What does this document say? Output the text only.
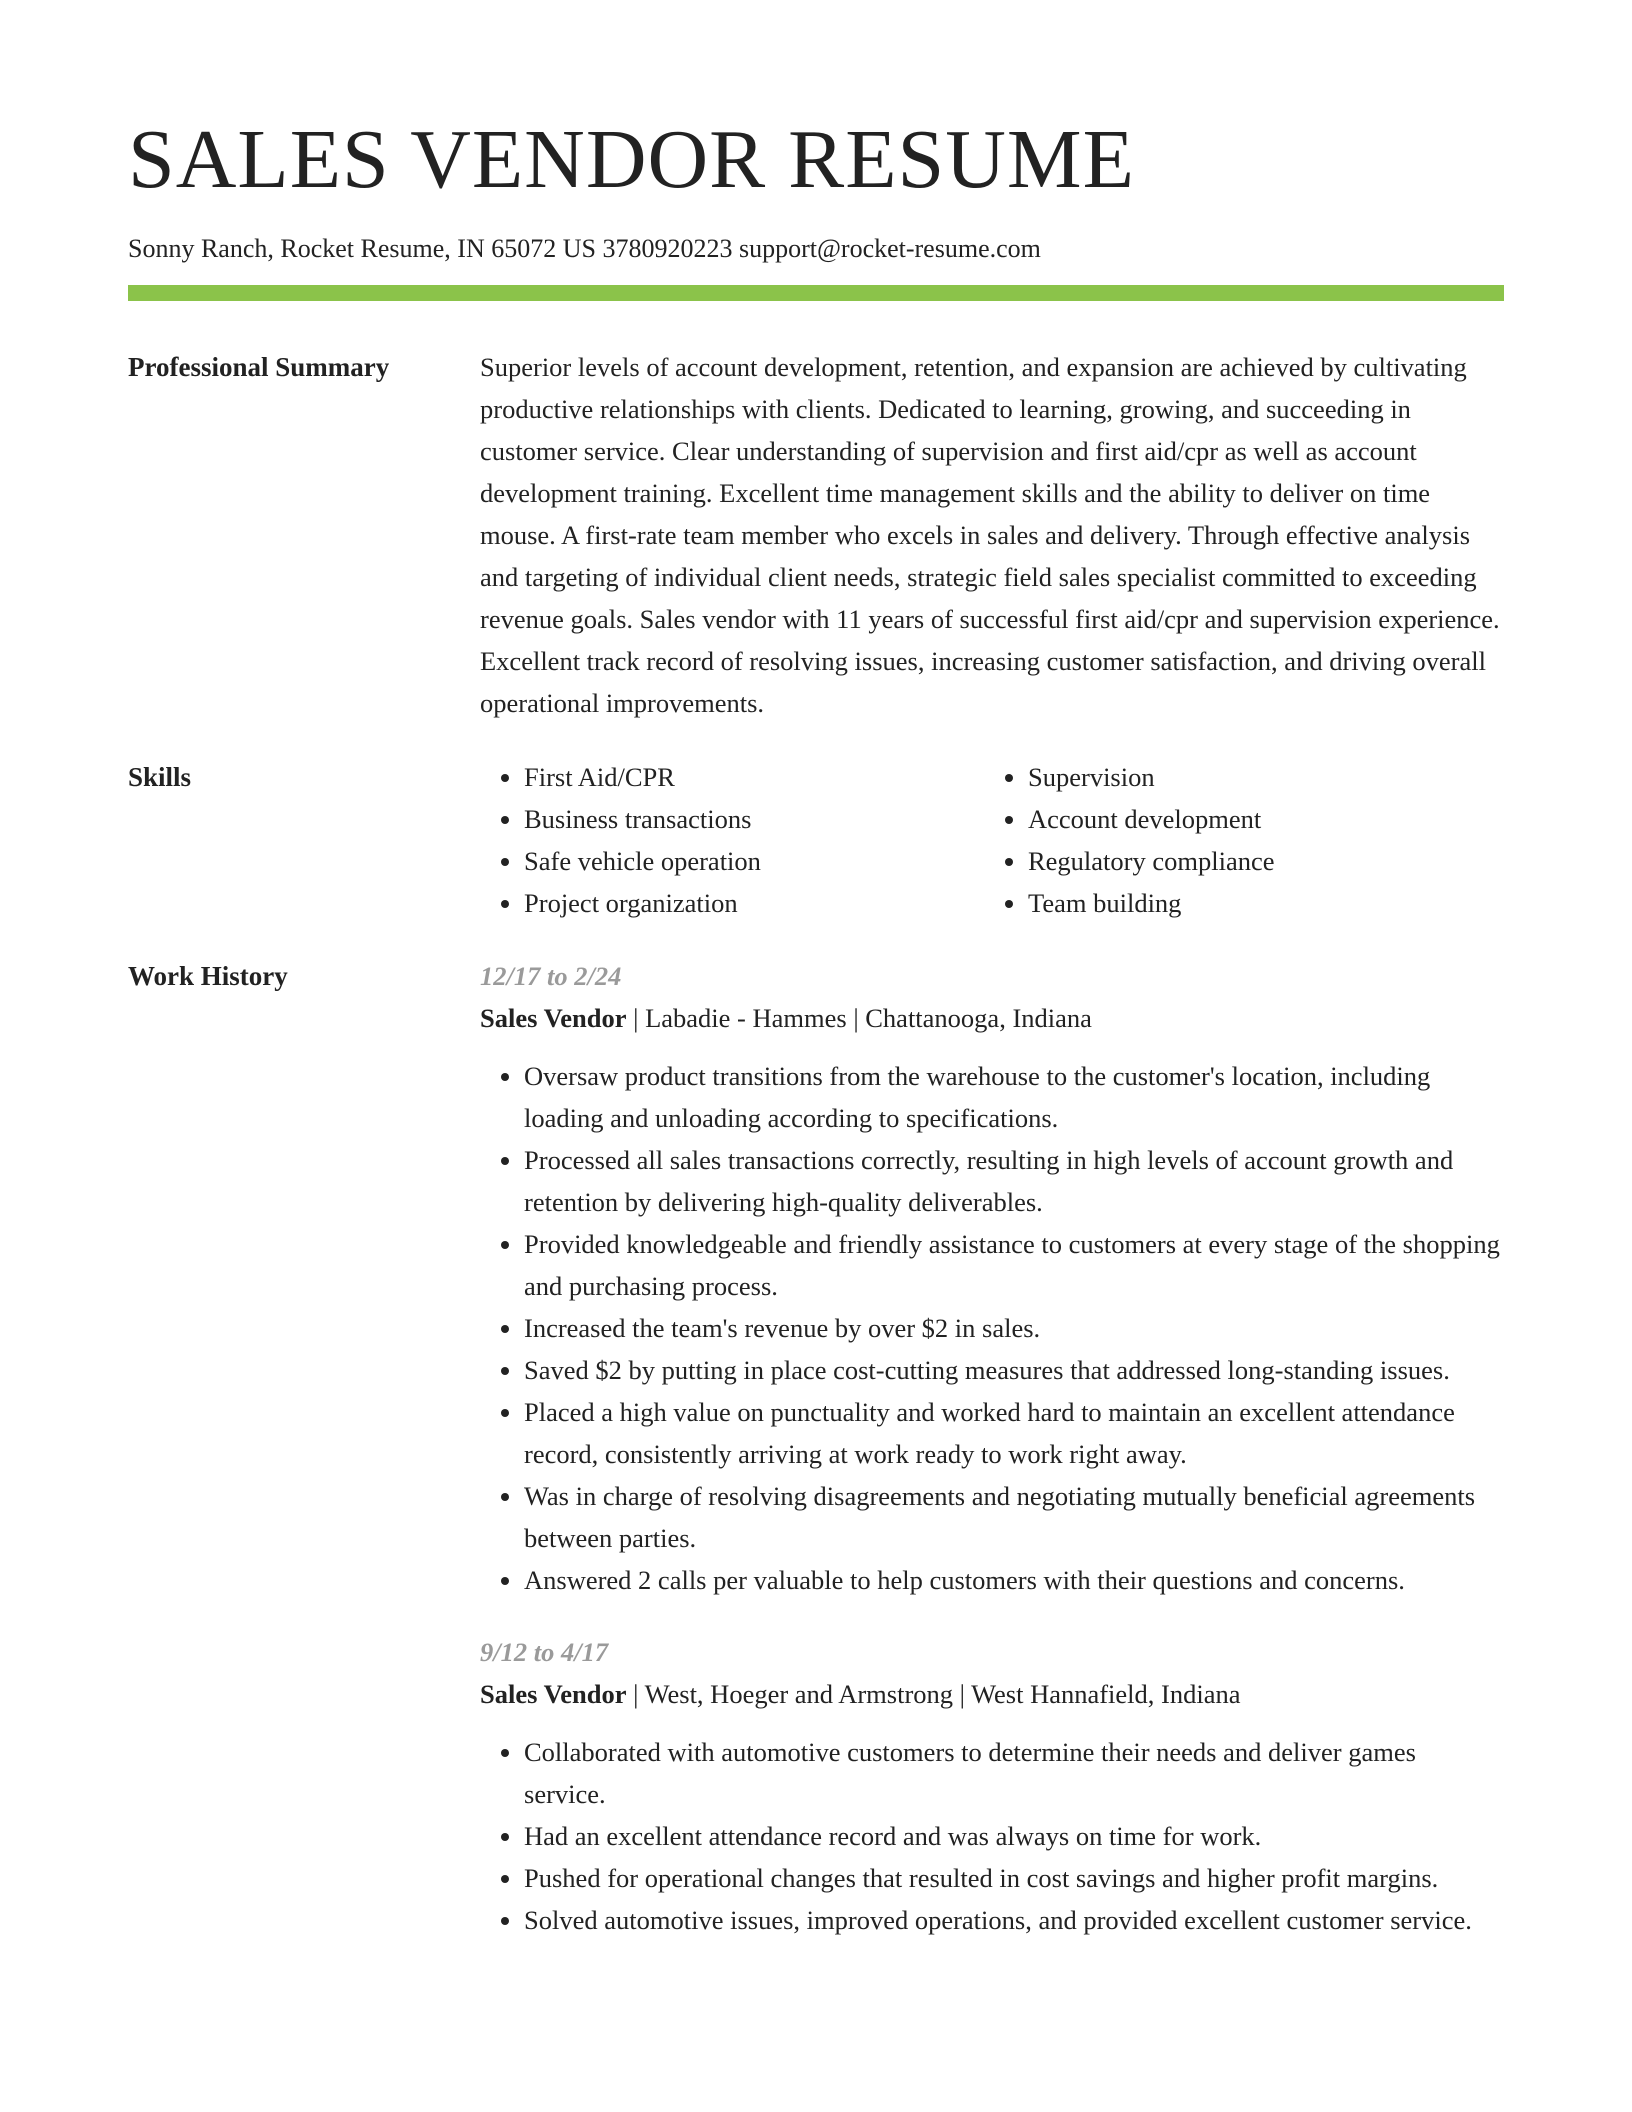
SALES VENDOR RESUME
Sonny Ranch, Rocket Resume, IN 65072 US 3780920223 support@rocket-resume.com
Professional Summary	Superior levels of account development, retention, and expansion are achieved by cultivating productive relationships with clients. Dedicated to learning, growing, and succeeding in customer service. Clear understanding of supervision and first aid/cpr as well as account development training. Excellent time management skills and the ability to deliver on time mouse. A first-rate team member who excels in sales and delivery. Through effective analysis and targeting of individual client needs, strategic field sales specialist committed to exceeding revenue goals. Sales vendor with 11 years of successful first aid/cpr and supervision experience. Excellent track record of resolving issues, increasing customer satisfaction, and driving overall operational improvements.

Skills
•	First Aid/CPR
• Business transactions
• Safe vehicle operation
• Project organization
• Supervision
• Account development
• Regulatory compliance
• Team building
Work History	12/17 to 2/24
Sales Vendor | Labadie - Hammes | Chattanooga, Indiana
• Oversaw product transitions from the warehouse to the customer's location, including loading and unloading according to specifications.
• Processed all sales transactions correctly, resulting in high levels of account growth and retention by delivering high-quality deliverables.
• Provided knowledgeable and friendly assistance to customers at every stage of the shopping and purchasing process.
• Increased the team's revenue by over $2 in sales.
• Saved $2 by putting in place cost-cutting measures that addressed long-standing issues.
• Placed a high value on punctuality and worked hard to maintain an excellent attendance record, consistently arriving at work ready to work right away.
• Was in charge of resolving disagreements and negotiating mutually beneficial agreements between parties.
• Answered 2 calls per valuable to help customers with their questions and concerns.
9/12 to 4/17
Sales Vendor | West, Hoeger and Armstrong | West Hannafield, Indiana
• Collaborated with automotive customers to determine their needs and deliver games service.
• Had an excellent attendance record and was always on time for work.
• Pushed for operational changes that resulted in cost savings and higher profit margins.
• Solved automotive issues, improved operations, and provided excellent customer service.
